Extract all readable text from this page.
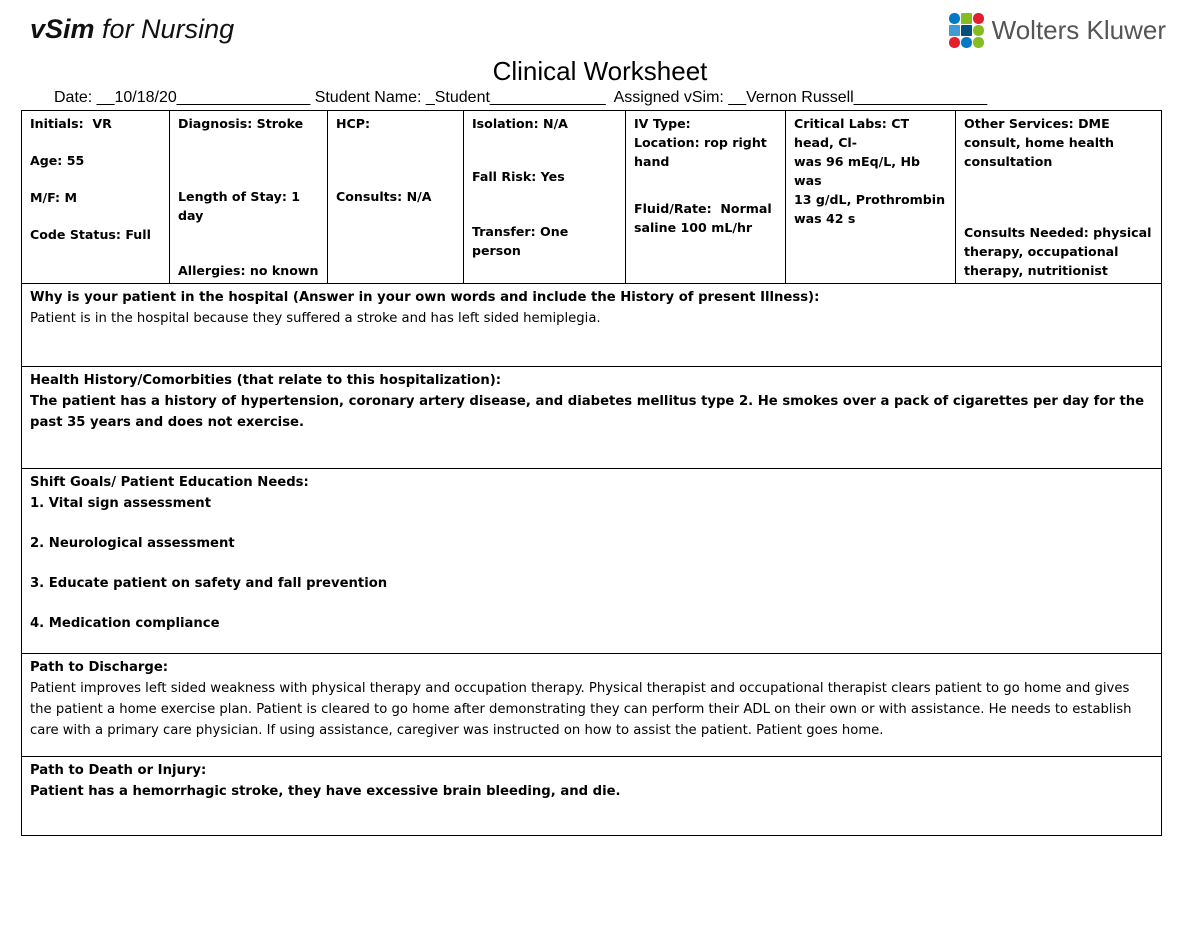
vSim for Nursing	Wolters Kluwer
Clinical Worksheet
Date: __10/18/20_______________ Student Name: _Student_____________  Assigned vSim: __Vernon Russell_______________
Initials:  VR
Age: 55
M/F: M
Code Status: Full

Diagnosis: Stroke
Length of Stay: 1 day
Allergies: no known

HCP:
Consults: N/A

Isolation: N/A
Fall Risk: Yes
Transfer: One person

IV Type:
Location: rop right
hand
Fluid/Rate:  Normal
saline 100 mL/hr

Critical Labs: CT head, Cl-
was 96 mEq/L, Hb was
13 g/dL, Prothrombin
was 42 s

Other Services: DME
consult, home health
consultation
Consults Needed: physical
therapy, occupational
therapy, nutritionist

Why is your patient in the hospital (Answer in your own words and include the History of present Illness):
Patient is in the hospital because they suffered a stroke and has left sided hemiplegia.

Health History/Comorbities (that relate to this hospitalization):
The patient has a history of hypertension, coronary artery disease, and diabetes mellitus type 2. He smokes over a pack of cigarettes per day for the past 35 years and does not exercise.

Shift Goals/ Patient Education Needs:
1. Vital sign assessment
2. Neurological assessment
3. Educate patient on safety and fall prevention
4. Medication compliance

Path to Discharge:
Patient improves left sided weakness with physical therapy and occupation therapy. Physical therapist and occupational therapist clears patient to go home and gives the patient a home exercise plan. Patient is cleared to go home after demonstrating they can perform their ADL on their own or with assistance. He needs to establish care with a primary care physician. If using assistance, caregiver was instructed on how to assist the patient. Patient goes home.

Path to Death or Injury:
Patient has a hemorrhagic stroke, they have excessive brain bleeding, and die.
